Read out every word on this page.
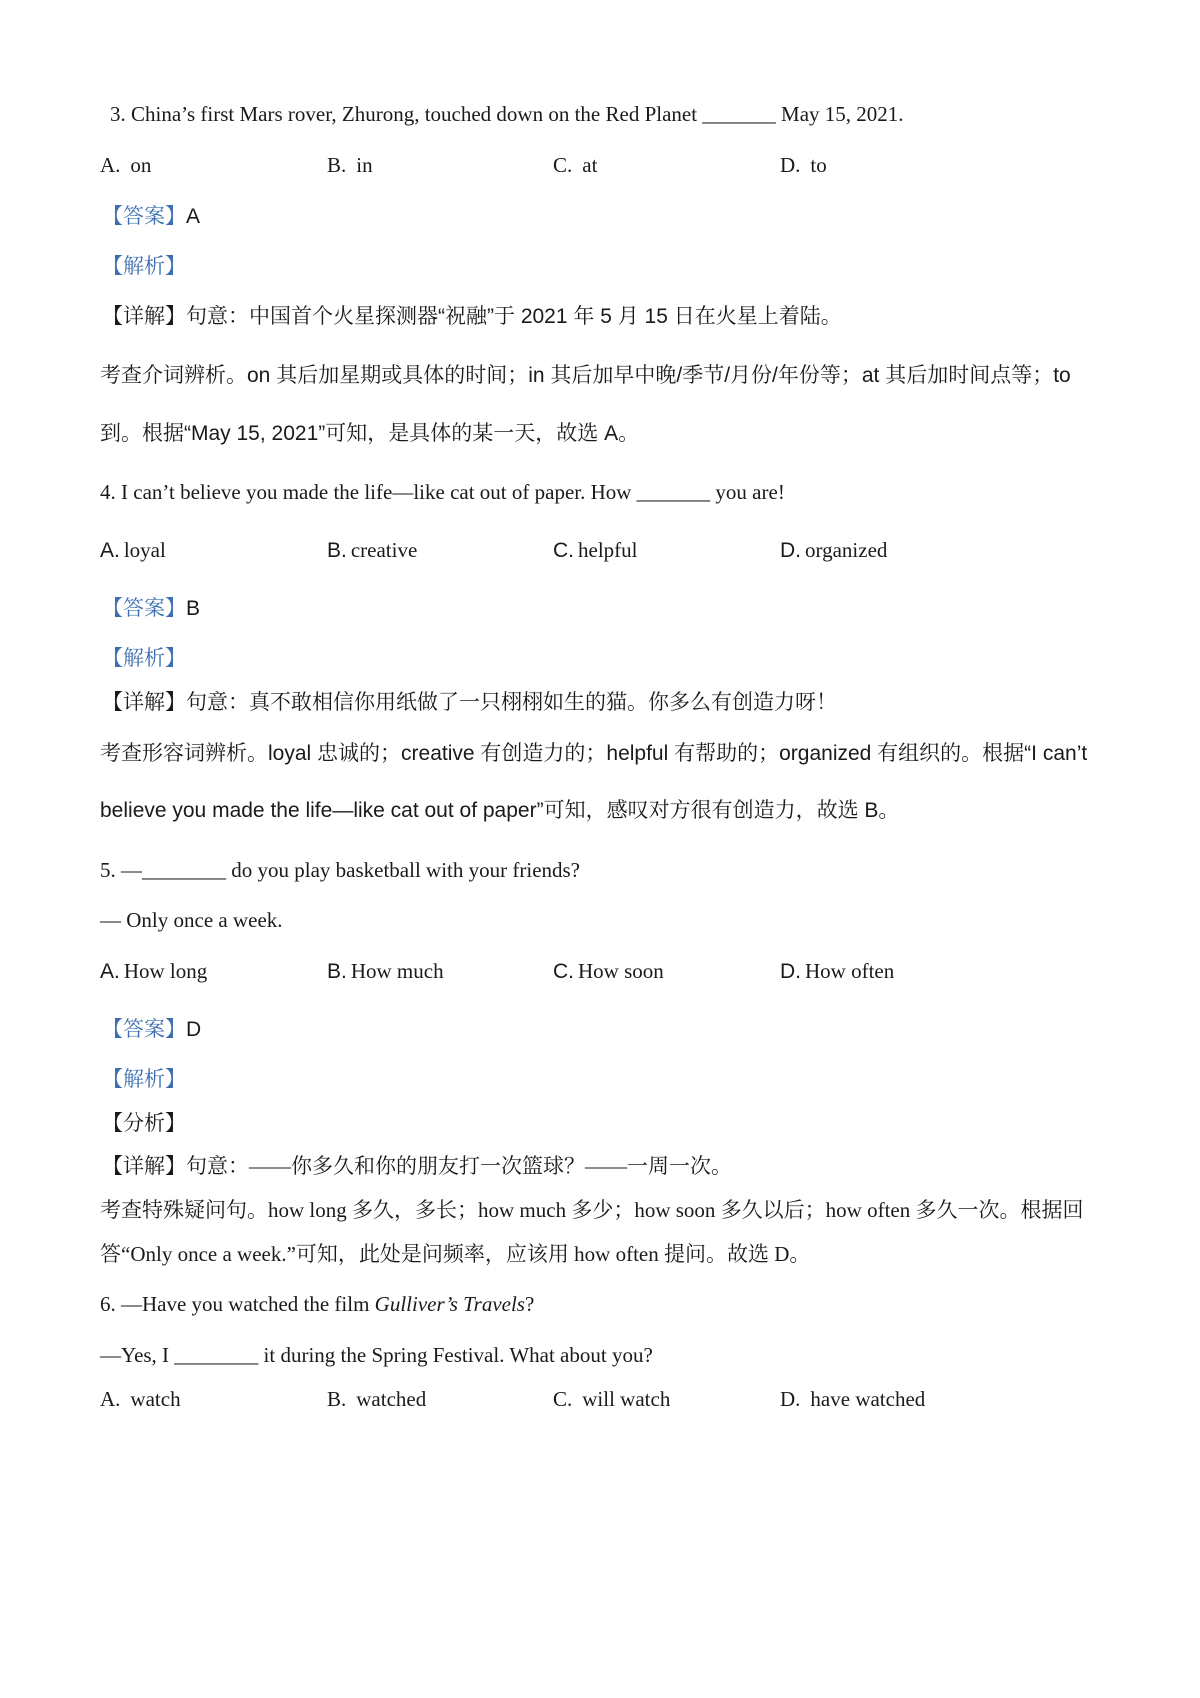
3. China’s first Mars rover, Zhurong, touched down on the Red Planet _______ May 15, 2021.
A. on	B. in	C. at	D. to
【答案】A
【解析】
【详解】句意：中国首个火星探测器“祝融”于 2021 年 5 月 15 日在火星上着陆。
考查介词辨析。on 其后加星期或具体的时间；in 其后加早中晚/季节/月份/年份等；at 其后加时间点等；to
到。根据“May 15, 2021”可知，是具体的某一天，故选 A。
4. I can’t believe you made the life—like cat out of paper. How _______ you are!
A. loyal	B. creative	C. helpful	D. organized
【答案】B
【解析】
【详解】句意：真不敢相信你用纸做了一只栩栩如生的猫。你多么有创造力呀！
考查形容词辨析。loyal 忠诚的；creative 有创造力的；helpful 有帮助的；organized 有组织的。根据“I can’t
believe you made the life—like cat out of paper”可知，感叹对方很有创造力，故选 B。
5. —________ do you play basketball with your friends?
— Only once a week.
A. How long	B. How much	C. How soon	D. How often
【答案】D
【解析】
【分析】
【详解】句意：——你多久和你的朋友打一次篮球？——一周一次。
考查特殊疑问句。how long 多久，多长；how much 多少；how soon 多久以后；how often 多久一次。根据回
答“Only once a week.”可知，此处是问频率，应该用 how often 提问。故选 D。
6. —Have you watched the film Gulliver’s Travels?
—Yes, I ________ it during the Spring Festival. What about you?
A. watch	B. watched	C. will watch	D. have watched
